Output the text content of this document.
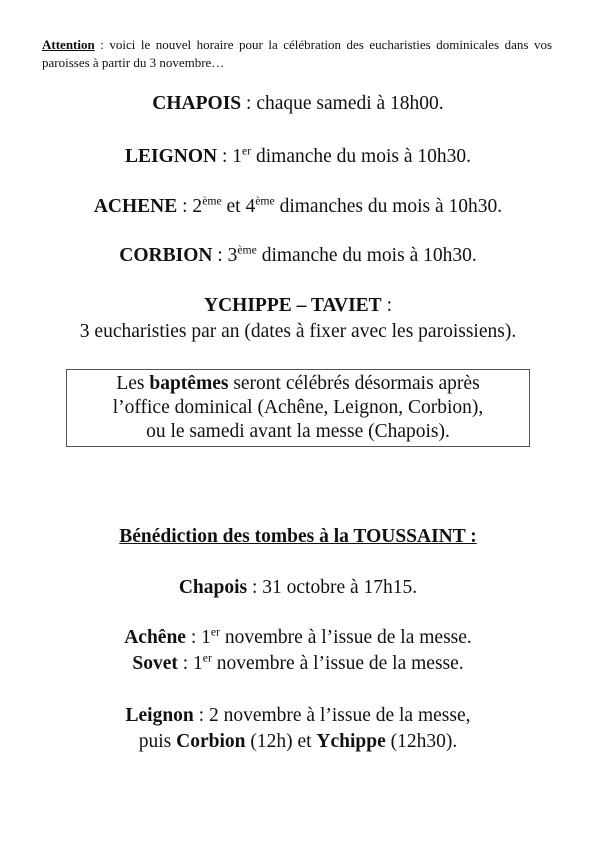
Attention : voici le nouvel horaire pour la célébration des eucharisties dominicales dans vos paroisses à partir du 3 novembre…
CHAPOIS : chaque samedi à 18h00.
LEIGNON : 1er dimanche du mois à 10h30.
ACHENE : 2ème et 4ème dimanches du mois à 10h30.
CORBION : 3ème dimanche du mois à 10h30.
YCHIPPE – TAVIET :
3 eucharisties par an (dates à fixer avec les paroissiens).
Les baptêmes seront célébrés désormais après
l’office dominical (Achêne, Leignon, Corbion),
ou le samedi avant la messe (Chapois).
Bénédiction des tombes à la TOUSSAINT :
Chapois : 31 octobre à 17h15.
Achêne : 1er novembre à l’issue de la messe.
Sovet : 1er novembre à l’issue de la messe.
Leignon : 2 novembre à l’issue de la messe,
puis Corbion (12h) et Ychippe (12h30).
